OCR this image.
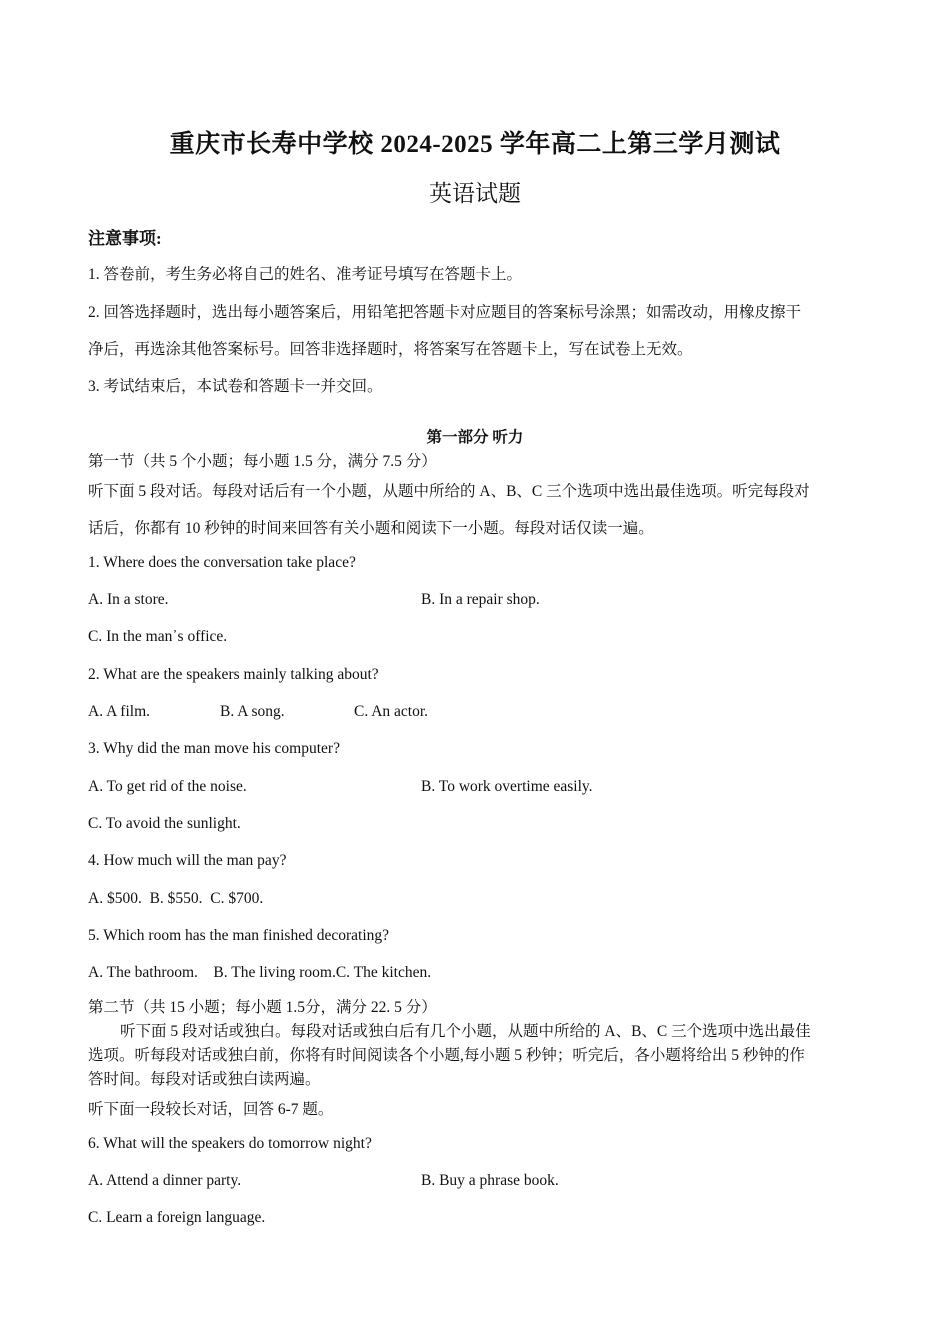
重庆市长寿中学校 2024-2025 学年高二上第三学月测试
英语试题
注意事项:
1. 答卷前，考生务必将自己的姓名、准考证号填写在答题卡上。
2. 回答选择题时，选出每小题答案后，用铅笔把答题卡对应题目的答案标号涂黑；如需改动，用橡皮擦干
净后，再选涂其他答案标号。回答非选择题时，将答案写在答题卡上，写在试卷上无效。
3. 考试结束后，本试卷和答题卡一并交回。
第一部分 听力
第一节（共 5 个小题；每小题 1.5 分，满分 7.5 分）
听下面 5 段对话。每段对话后有一个小题，从题中所给的 A、B、C 三个选项中选出最佳选项。听完每段对
话后，你都有 10 秒钟的时间来回答有关小题和阅读下一小题。每段对话仅读一遍。
1. Where does the conversation take place?
A. In a store.	B. In a repair shop.
C. In the man᾽s office.
2. What are the speakers mainly talking about?
A. A film.	B. A song.	C. An actor.
3. Why did the man move his computer?
A. To get rid of the noise.	B. To work overtime easily.
C. To avoid the sunlight.
4. How much will the man pay?
A. $500.  B. $550.  C. $700.
5. Which room has the man finished decorating?
A. The bathroom.    B. The living room.C. The kitchen.
第二节（共 15 小题；每小题 1.5分，满分 22. 5 分）
听下面 5 段对话或独白。每段对话或独白后有几个小题，从题中所给的 A、B、C 三个选项中选出最佳
选项。听每段对话或独白前，你将有时间阅读各个小题,每小题 5 秒钟；听完后，各小题将给出 5 秒钟的作
答时间。每段对话或独白读两遍。
听下面一段较长对话，回答 6-7 题。
6. What will the speakers do tomorrow night?
A. Attend a dinner party.	B. Buy a phrase book.
C. Learn a foreign language.
